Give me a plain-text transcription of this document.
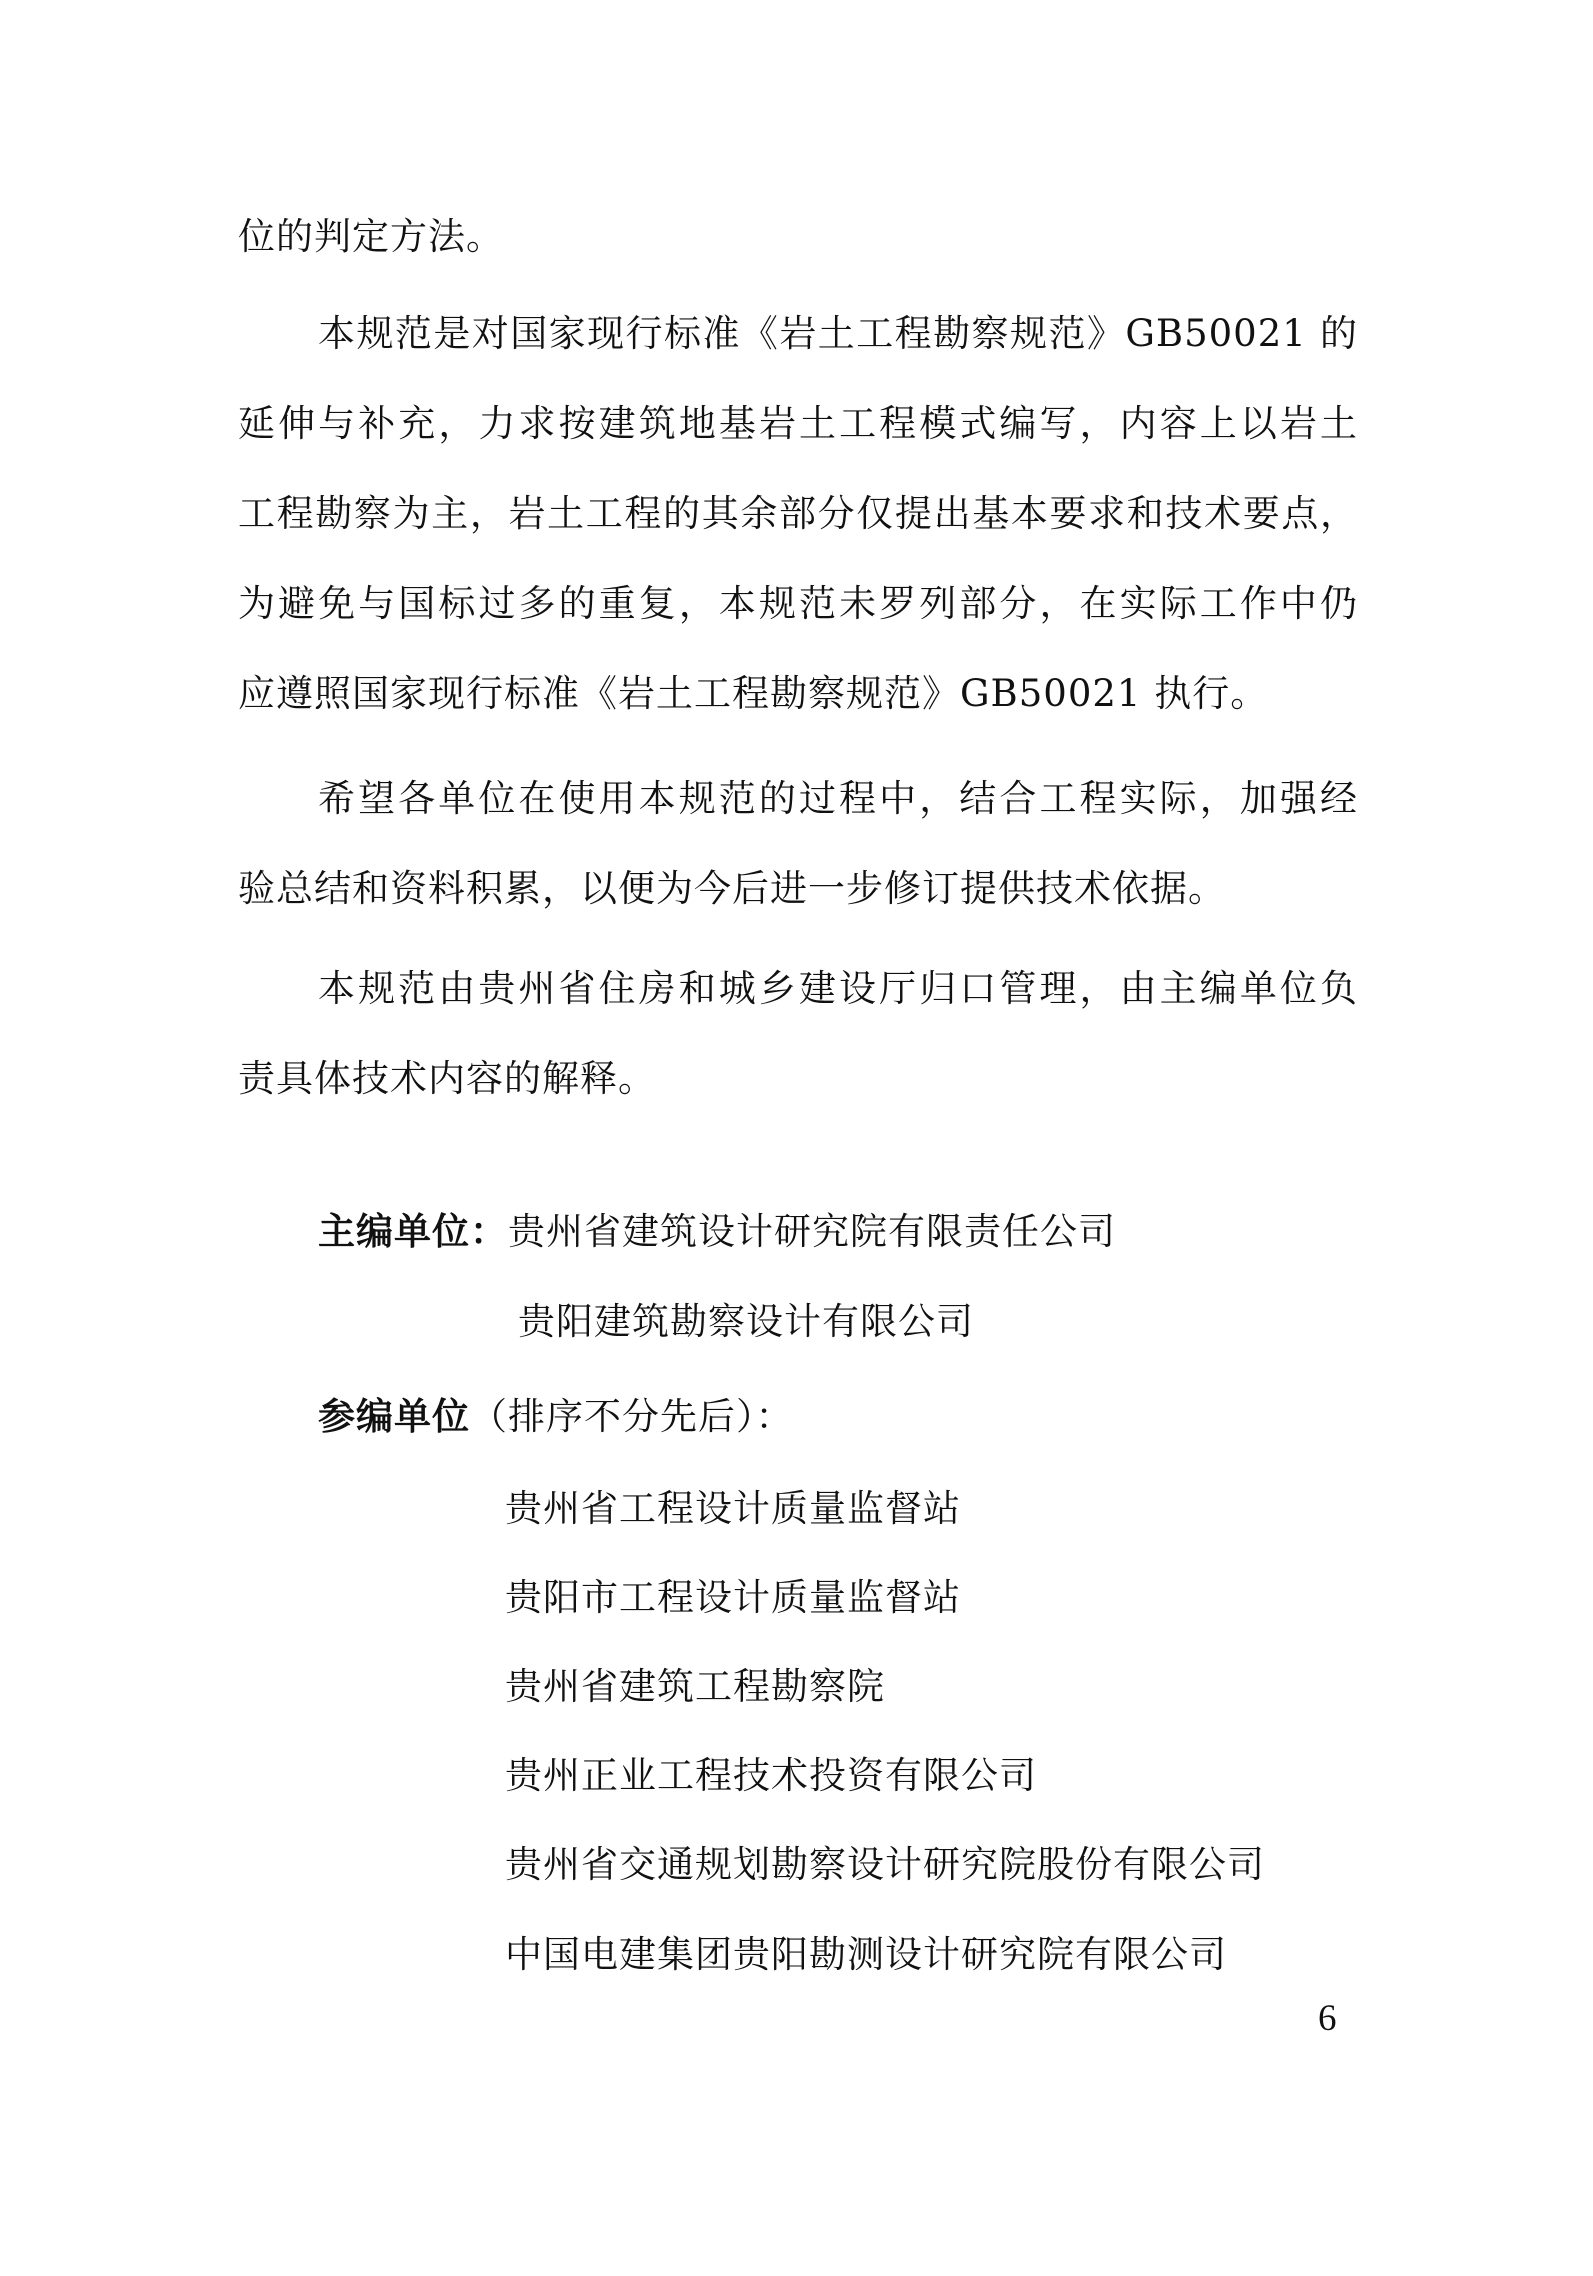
位的判定方法。
本规范是对国家现行标准《岩土工程勘察规范》GB50021 的
延伸与补充，力求按建筑地基岩土工程模式编写，内容上以岩土
工程勘察为主，岩土工程的其余部分仅提出基本要求和技术要点，
为避免与国标过多的重复，本规范未罗列部分，在实际工作中仍
应遵照国家现行标准《岩土工程勘察规范》GB50021 执行。
希望各单位在使用本规范的过程中，结合工程实际，加强经
验总结和资料积累，以便为今后进一步修订提供技术依据。
本规范由贵州省住房和城乡建设厅归口管理，由主编单位负
责具体技术内容的解释。
主编单位：贵州省建筑设计研究院有限责任公司
贵阳建筑勘察设计有限公司
参编单位（排序不分先后）：
贵州省工程设计质量监督站
贵阳市工程设计质量监督站
贵州省建筑工程勘察院
贵州正业工程技术投资有限公司
贵州省交通规划勘察设计研究院股份有限公司
中国电建集团贵阳勘测设计研究院有限公司
6
